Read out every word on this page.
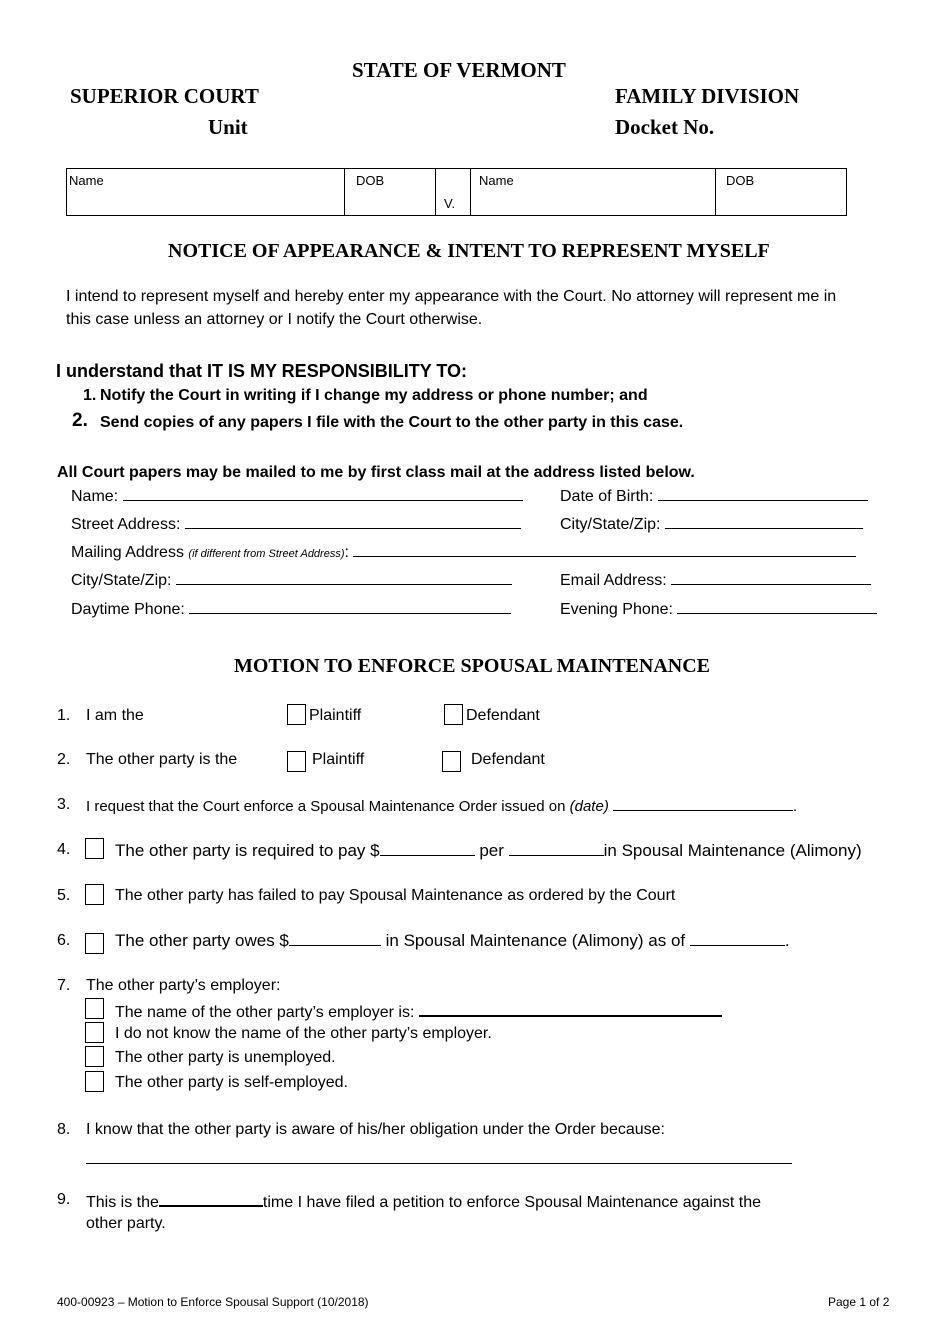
STATE OF VERMONT
SUPERIOR COURT
Unit
FAMILY DIVISION
Docket No.
Name	DOB	V.	Name	DOB
NOTICE OF APPEARANCE & INTENT TO REPRESENT MYSELF
I intend to represent myself and hereby enter my appearance with the Court. No attorney will represent me in
this case unless an attorney or I notify the Court otherwise.
I understand that IT IS MY RESPONSIBILITY TO:
1. Notify the Court in writing if I change my address or phone number; and
2. Send copies of any papers I file with the Court to the other party in this case.
All Court papers may be mailed to me by first class mail at the address listed below.
Name:	Date of Birth:
Street Address:	City/State/Zip:
Mailing Address (if different from Street Address):
City/State/Zip:	Email Address:
Daytime Phone:	Evening Phone:
MOTION TO ENFORCE SPOUSAL MAINTENANCE
1. I am the	Plaintiff	Defendant
2. The other party is the	Plaintiff	Defendant
3. I request that the Court enforce a Spousal Maintenance Order issued on (date)	.
4.	The other party is required to pay $	per	in Spousal Maintenance (Alimony)
5.	The other party has failed to pay Spousal Maintenance as ordered by the Court
6.	The other party owes $	in Spousal Maintenance (Alimony) as of	.
7. The other party’s employer:
The name of the other party’s employer is:
I do not know the name of the other party’s employer.
The other party is unemployed.
The other party is self-employed.
8. I know that the other party is aware of his/her obligation under the Order because:
9. This is the	time I have filed a petition to enforce Spousal Maintenance against the
other party.
400-00923 – Motion to Enforce Spousal Support (10/2018)	Page 1 of 2
